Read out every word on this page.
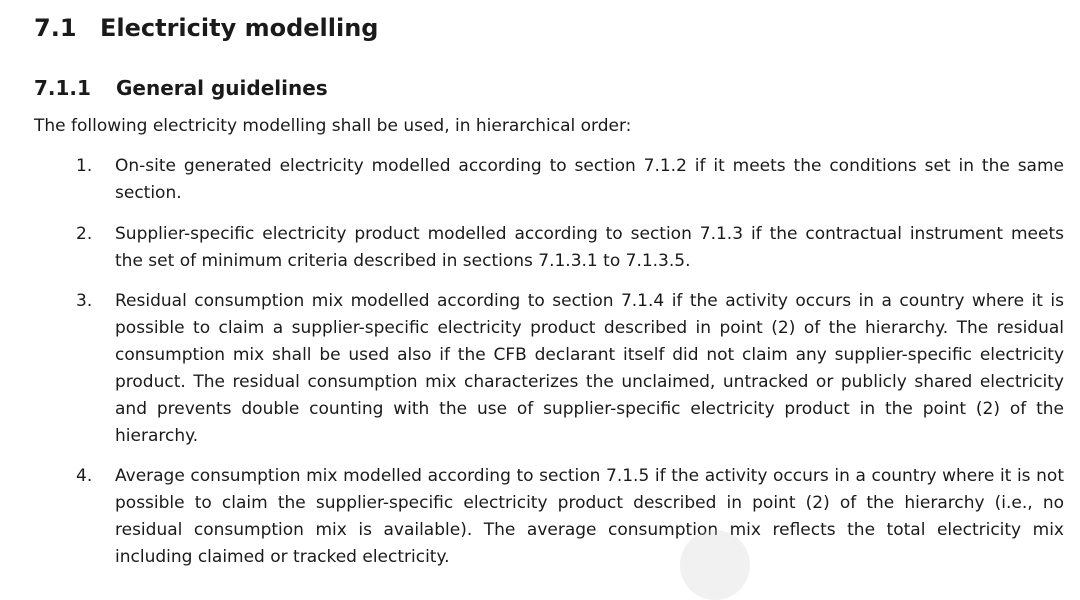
7.1 Electricity modelling
7.1.1	General guidelines
The following electricity modelling shall be used, in hierarchical order:
1. On-site generated electricity modelled according to section 7.1.2 if it meets the conditions set in the same section.
2. Supplier-specific electricity product modelled according to section 7.1.3 if the contractual instrument meets the set of minimum criteria described in sections 7.1.3.1 to 7.1.3.5.
3. Residual consumption mix modelled according to section 7.1.4 if the activity occurs in a country where it is possible to claim a supplier-specific electricity product described in point (2) of the hierarchy. The residual consumption mix shall be used also if the CFB declarant itself did not claim any supplier-specific electricity product. The residual consumption mix characterizes the unclaimed, untracked or publicly shared electricity and prevents double counting with the use of supplier-specific electricity product in the point (2) of the hierarchy.
4. Average consumption mix modelled according to section 7.1.5 if the activity occurs in a country where it is not possible to claim the supplier-specific electricity product described in point (2) of the hierarchy (i.e., no residual consumption mix is available). The average consumption mix reflects the total electricity mix including claimed or tracked electricity.
